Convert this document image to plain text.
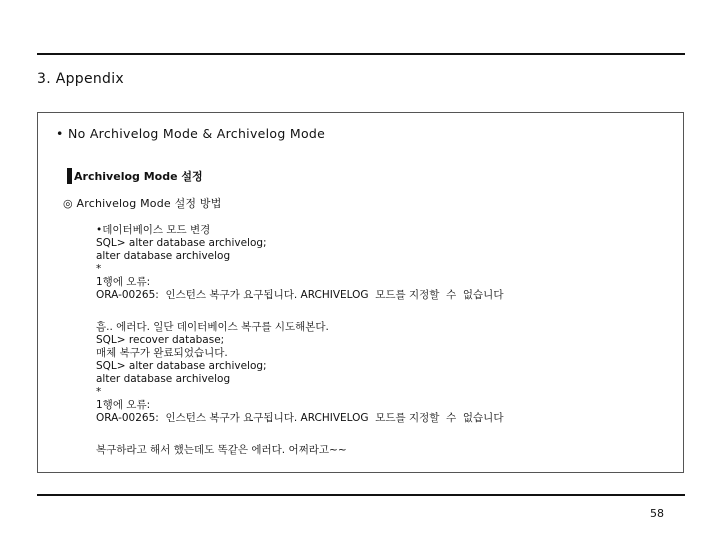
3. Appendix
• No Archivelog Mode & Archivelog Mode
Archivelog Mode 설정
◎ Archivelog Mode 설정 방법
•데이터베이스 모드 변경
SQL> alter database archivelog;
alter database archivelog
*
1행에 오류:
ORA-00265:  인스턴스 복구가 요구됩니다. ARCHIVELOG  모드를 지정할  수  없습니다
흠.. 에러다. 일단 데이터베이스 복구를 시도해본다.
SQL> recover database;
매체 복구가 완료되었습니다.
SQL> alter database archivelog;
alter database archivelog
*
1행에 오류:
ORA-00265:  인스턴스 복구가 요구됩니다. ARCHIVELOG  모드를 지정할  수  없습니다
복구하라고 해서 했는데도 똑같은 에러다. 어쩌라고~~
58
